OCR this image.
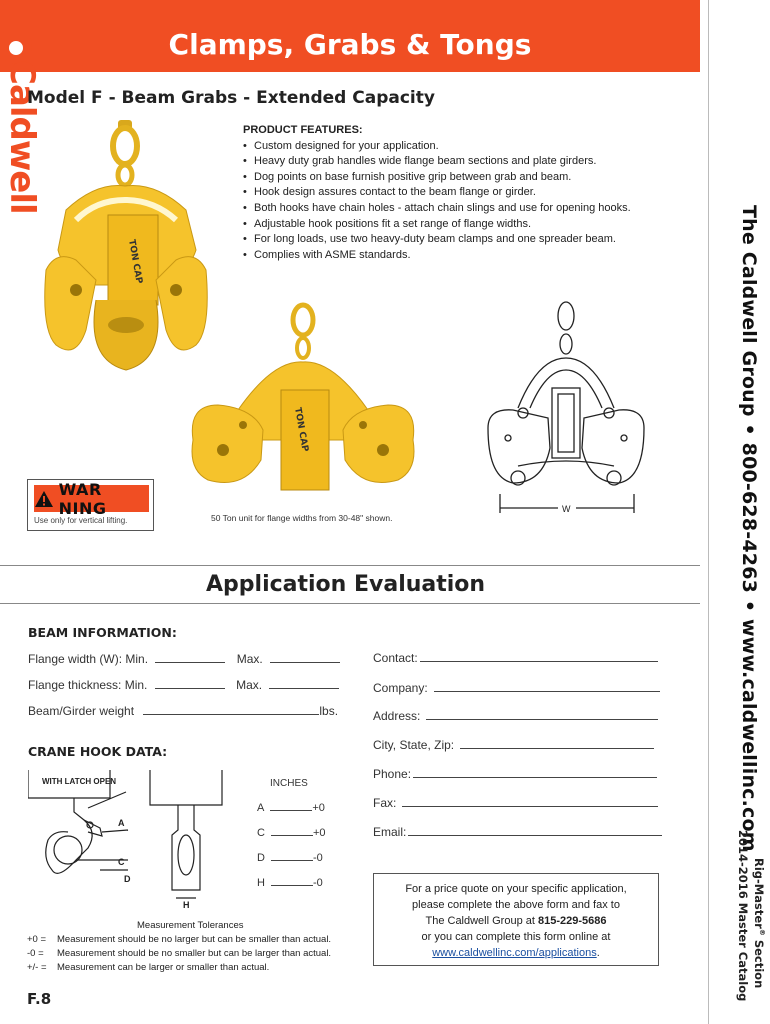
Clamps, Grabs & Tongs
Caldwell
The Caldwell Group • 800-628-4263 • www.caldwellinc.com
Rig-Master® Section
2014-2016 Master Catalog
Model F - Beam Grabs - Extended Capacity
TON CAP
TON CAP
W
PRODUCT FEATURES:
• Custom designed for your application.
• Heavy duty grab handles wide flange beam sections and plate girders.
• Dog points on base furnish positive grip between grab and beam.
• Hook design assures contact to the beam flange or girder.
• Both hooks have chain holes - attach chain slings and use for opening hooks.
• Adjustable hook positions fit a set range of flange widths.
• For long loads, use two heavy-duty beam clamps and one spreader beam.
• Complies with ASME standards.
WAR NING
Use only for vertical lifting.	50 Ton unit for flange widths from 30-48" shown.
Application Evaluation
BEAM INFORMATION:
Flange width (W): Min.	Max.
Flange thickness: Min.	Max.
Beam/Girder weight	lbs.
Contact:
Company:
Address:
City, State, Zip:
Phone:
Fax:
Email:
CRANE HOOK DATA:
WITH LATCH OPEN
A
C
D
H
INCHES
A	+0
C	+0
D	-0
H	-0
Measurement Tolerances
+0 = Measurement should be no larger but can be smaller than actual.
-0 = Measurement should be no smaller but can be larger than actual.
+/- = Measurement can be larger or smaller than actual.
For a price quote on your specific application,
please complete the above form and fax to
The Caldwell Group at 815-229-5686
or you can complete this form online at
www.caldwellinc.com/applications.
F.8
